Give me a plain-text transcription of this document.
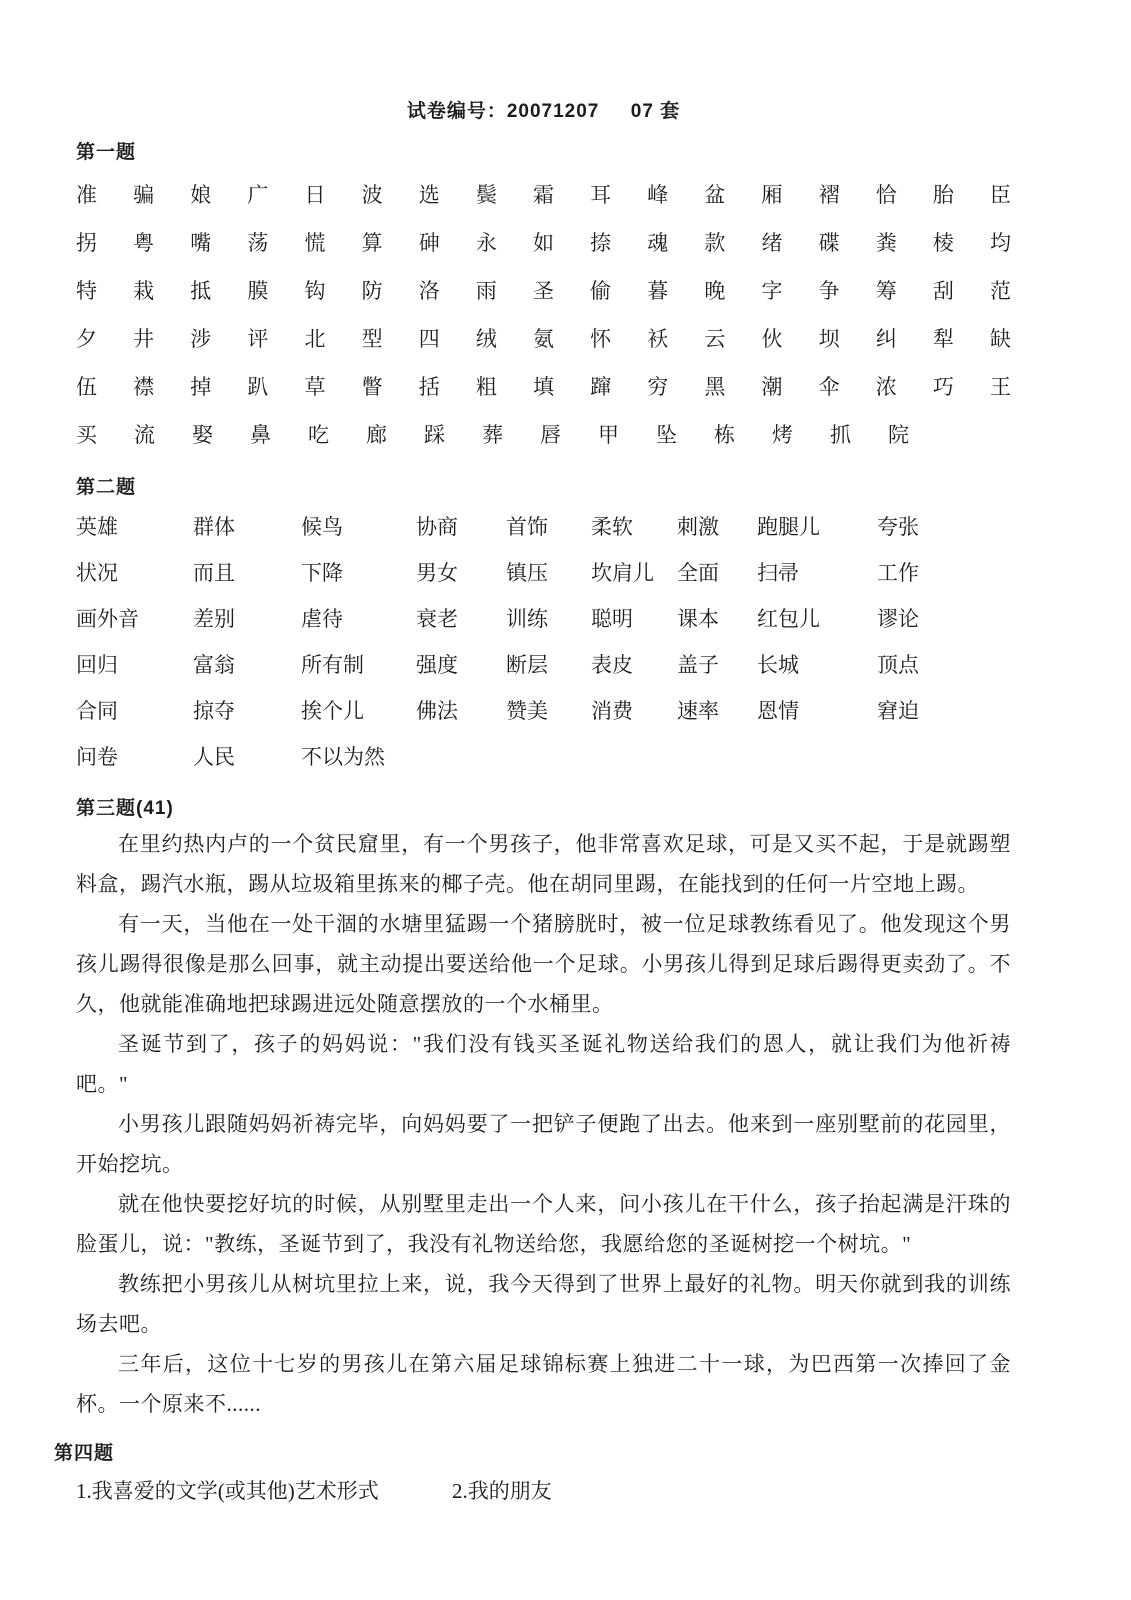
试卷编号：20071207     07 套
第一题
准 骗 娘 广 日 波 选 鬓 霜 耳 峰 盆 厢 褶 恰 胎 臣
拐 粤 嘴 荡 慌 算 砷 永 如 捺 魂 款 绪 碟 粪 棱 均
特 栽 抵 膜 钩 防 洛 雨 圣 偷 暮 晚 字 争 筹 刮 范
夕 井 涉 评 北 型 四 绒 氨 怀 袄 云 伙 坝 纠 犁 缺
伍 襟 掉 趴 草 瞥 括 粗 填 蹿 穷 黑 潮 伞 浓 巧 王
买 流 娶 鼻 吃 廊 踩 葬 唇 甲 坠 栋 烤 抓 院
第二题
英雄	群体	候鸟	协商	首饰	柔软	刺激	跑腿儿	夸张
状况	而且	下降	男女	镇压	坎肩儿	全面	扫帚	工作
画外音	差别	虐待	衰老	训练	聪明	课本	红包儿	谬论
回归	富翁	所有制	强度	断层	表皮	盖子	长城	顶点
合同	掠夺	挨个儿	佛法	赞美	消费	速率	恩情	窘迫
问卷	人民	不以为然
第三题(41)

在里约热内卢的一个贫民窟里，有一个男孩子，他非常喜欢足球，可是又买不起，于是就踢塑料盒，踢汽水瓶，踢从垃圾箱里拣来的椰子壳。他在胡同里踢，在能找到的任何一片空地上踢。

有一天，当他在一处干涸的水塘里猛踢一个猪膀胱时，被一位足球教练看见了。他发现这个男孩儿踢得很像是那么回事，就主动提出要送给他一个足球。小男孩儿得到足球后踢得更卖劲了。不久，他就能准确地把球踢进远处随意摆放的一个水桶里。

圣诞节到了，孩子的妈妈说："我们没有钱买圣诞礼物送给我们的恩人，就让我们为他祈祷吧。"

小男孩儿跟随妈妈祈祷完毕，向妈妈要了一把铲子便跑了出去。他来到一座别墅前的花园里，开始挖坑。

就在他快要挖好坑的时候，从别墅里走出一个人来，问小孩儿在干什么，孩子抬起满是汗珠的脸蛋儿，说："教练，圣诞节到了，我没有礼物送给您，我愿给您的圣诞树挖一个树坑。"

教练把小男孩儿从树坑里拉上来，说，我今天得到了世界上最好的礼物。明天你就到我的训练场去吧。

三年后，这位十七岁的男孩儿在第六届足球锦标赛上独进二十一球，为巴西第一次捧回了金杯。一个原来不......

第四题
1.我喜爱的文学(或其他)艺术形式	2.我的朋友
